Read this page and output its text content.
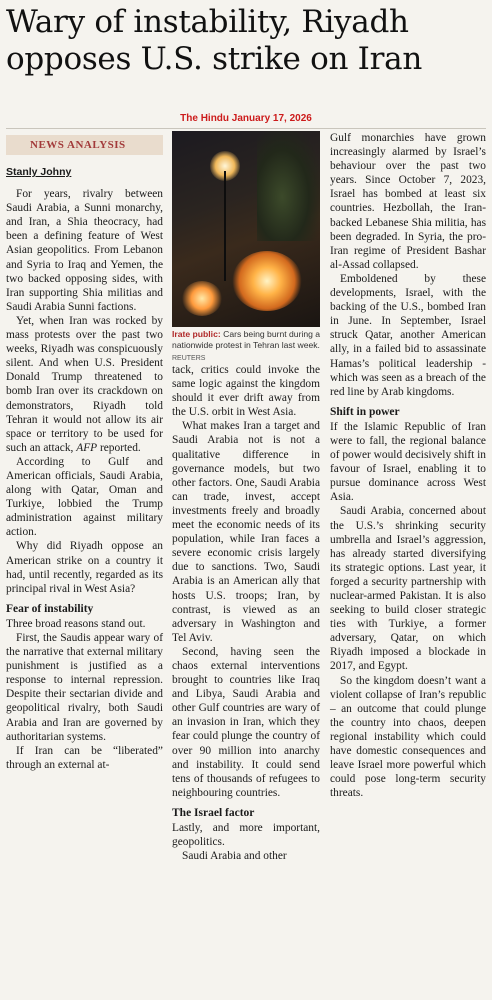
Wary of instability, Riyadh opposes U.S. strike on Iran
The Hindu January 17, 2026
NEWS ANALYSIS
Stanly Johny

For years, rivalry between Saudi Arabia, a Sunni monarchy, and Iran, a Shia theocracy, had been a defining feature of West Asian geopolitics. From Lebanon and Syria to Iraq and Yemen, the two backed opposing sides, with Iran supporting Shia militias and Saudi Arabia Sunni factions.

Yet, when Iran was rocked by mass protests over the past two weeks, Riyadh was conspicuously silent. And when U.S. President Donald Trump threatened to bomb Iran over its crackdown on demonstrators, Riyadh told Tehran it would not allow its air space or territory to be used for such an attack, AFP reported.

According to Gulf and American officials, Saudi Arabia, along with Qatar, Oman and Turkiye, lobbied the Trump administration against military action.

Why did Riyadh oppose an American strike on a country it had, until recently, regarded as its principal rival in West Asia?

Fear of instability

Three broad reasons stand out.

First, the Saudis appear wary of the narrative that external military punishment is justified as a response to internal repression. Despite their sectarian divide and geopolitical rivalry, both Saudi Arabia and Iran are governed by authoritarian systems.

If Iran can be “liberated” through an external at-

Irate public: Cars being burnt during a nationwide protest in Tehran last week. REUTERS

tack, critics could invoke the same logic against the kingdom should it ever drift away from the U.S. orbit in West Asia.

What makes Iran a target and Saudi Arabia not is not a qualitative difference in governance models, but two other factors. One, Saudi Arabia can trade, invest, accept investments freely and broadly meet the economic needs of its population, while Iran faces a severe economic crisis largely due to sanctions. Two, Saudi Arabia is an American ally that hosts U.S. troops; Iran, by contrast, is viewed as an adversary in Washington and Tel Aviv.

Second, having seen the chaos external interventions brought to countries like Iraq and Libya, Saudi Arabia and other Gulf countries are wary of an invasion in Iran, which they fear could plunge the country of over 90 million into anarchy and instability. It could send tens of thousands of refugees to neighbouring countries.

The Israel factor

Lastly, and more important, geopolitics.

Saudi Arabia and other

Gulf monarchies have grown increasingly alarmed by Israel’s behaviour over the past two years. Since October 7, 2023, Israel has bombed at least six countries. Hezbollah, the Iran-backed Lebanese Shia militia, has been degraded. In Syria, the pro-Iran regime of President Bashar al-Assad collapsed.

Emboldened by these developments, Israel, with the backing of the U.S., bombed Iran in June. In September, Israel struck Qatar, another American ally, in a failed bid to assassinate Hamas’s political leadership -which was seen as a breach of the red line by Arab kingdoms.

Shift in power

If the Islamic Republic of Iran were to fall, the regional balance of power would decisively shift in favour of Israel, enabling it to pursue dominance across West Asia.

Saudi Arabia, concerned about the U.S.’s shrinking security umbrella and Israel’s aggression, has already started diversifying its strategic options. Last year, it forged a security partnership with nuclear-armed Pakistan. It is also seeking to build closer strategic ties with Turkiye, a former adversary, Qatar, on which Riyadh imposed a blockade in 2017, and Egypt.

So the kingdom doesn’t want a violent collapse of Iran’s republic – an outcome that could plunge the country into chaos, deepen regional instability which could have domestic consequences and leave Israel more powerful which could pose long-term security threats.
